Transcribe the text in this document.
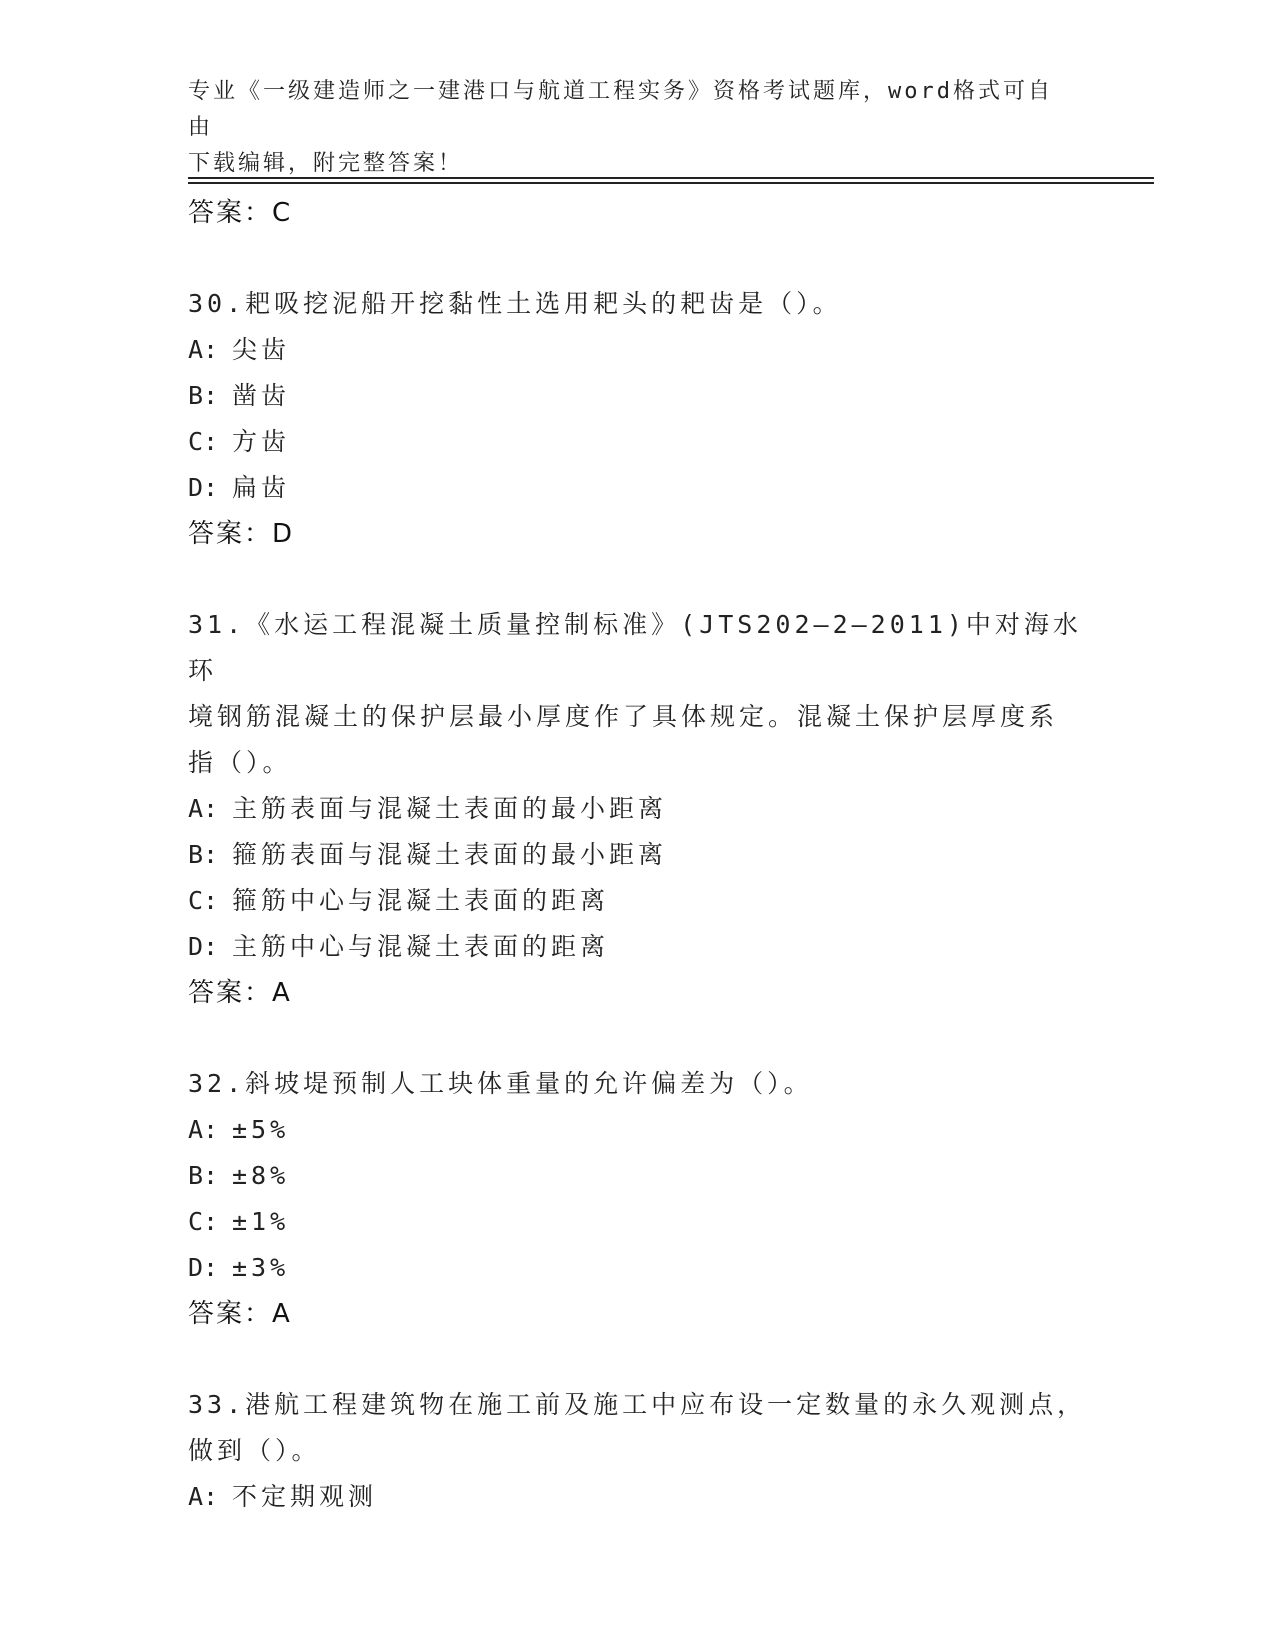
专业《一级建造师之一建港口与航道工程实务》资格考试题库，word格式可自由
下载编辑，附完整答案！
答案：C
30.耙吸挖泥船开挖黏性土选用耙头的耙齿是（）。
A: 尖齿
B: 凿齿
C: 方齿
D: 扁齿
答案：D
31.《水运工程混凝土质量控制标准》(JTS202—2—2011)中对海水环
境钢筋混凝土的保护层最小厚度作了具体规定。混凝土保护层厚度系
指（）。
A: 主筋表面与混凝土表面的最小距离
B: 箍筋表面与混凝土表面的最小距离
C: 箍筋中心与混凝土表面的距离
D: 主筋中心与混凝土表面的距离
答案：A
32.斜坡堤预制人工块体重量的允许偏差为（）。
A: ±5%
B: ±8%
C: ±1%
D: ±3%
答案：A
33.港航工程建筑物在施工前及施工中应布设一定数量的永久观测点，
做到（）。
A: 不定期观测
